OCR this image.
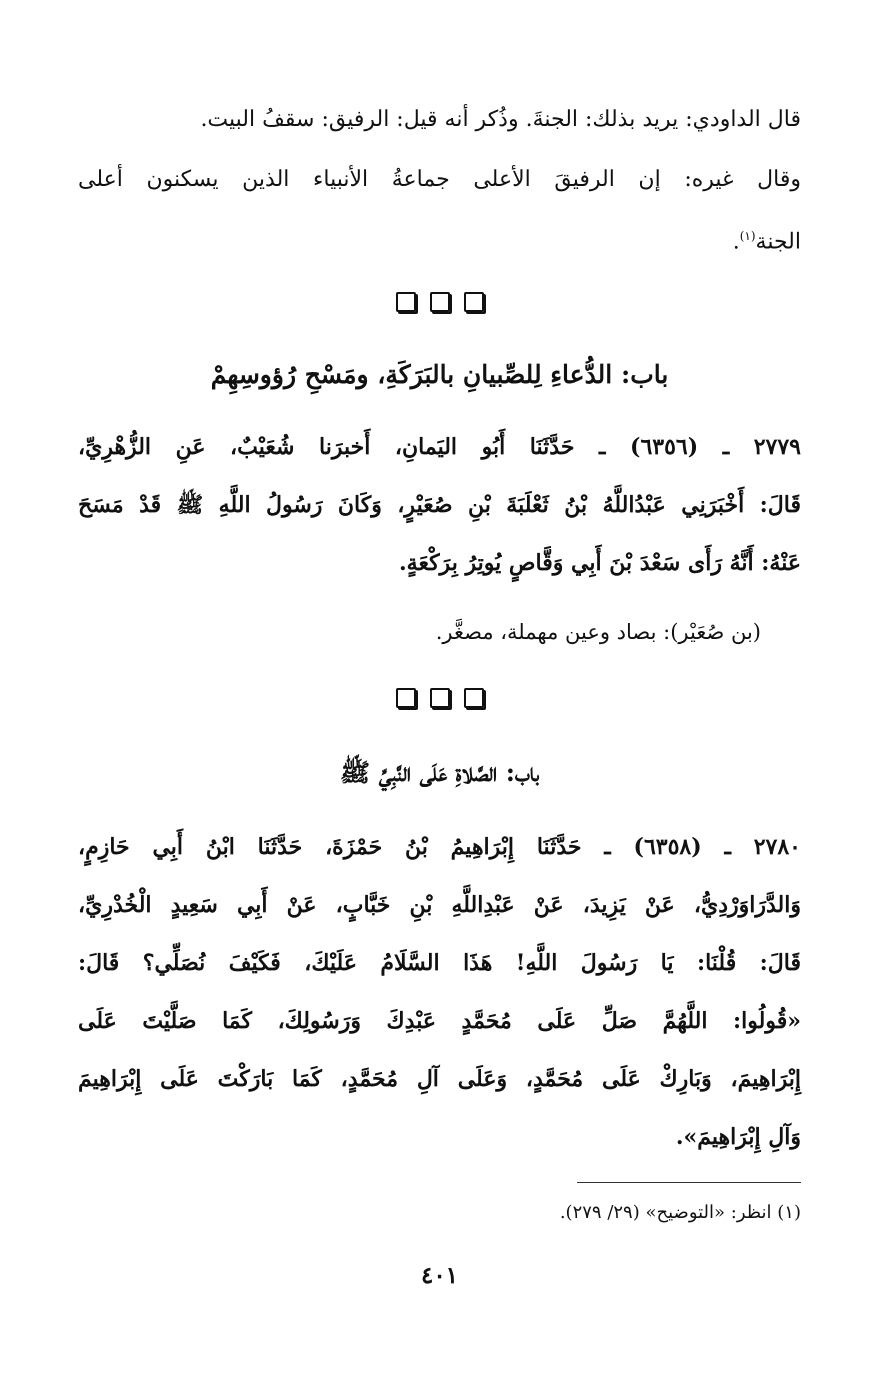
قال الداودي: يريد بذلك: الجنةَ. وذُكر أنه قيل: الرفيق: سقفُ البيت.
وقال غيره: إن الرفيقَ الأعلى جماعةُ الأنبياء الذين يسكنون أعلى
الجنة$^{(١)}$.
باب: الدُّعاءِ لِلصِّبيانِ بالبَرَكَةِ، ومَسْحِ رُؤوسِهِمْ
٢٧٧٩ ـ (٦٣٥٦) ـ حَدَّثَنَا أَبُو اليَمانِ، أَخبرَنا شُعَيْبٌ، عَنِ الزُّهْرِيِّ،
قَالَ: أَخْبَرَنِي عَبْدُاللَّهُ بْنُ ثَعْلَبَةَ بْنِ صُعَيْرٍ، وَكَانَ رَسُولُ اللَّهِ ﷺ قَدْ مَسَحَ
عَنْهُ: أَنَّهُ رَأَى سَعْدَ بْنَ أَبِي وَقَّاصٍ يُوتِرُ بِرَكْعَةٍ.
(بن صُعَيْر): بصاد وعين مهملة، مصغَّر.
باب: الصَّلاةِ عَلَى النَّبِيِّ ﷺ
٢٧٨٠ ـ (٦٣٥٨) ـ حَدَّثَنَا إِبْرَاهِيمُ بْنُ حَمْزَةَ، حَدَّثَنَا ابْنُ أَبِي حَازِمٍ،
وَالدَّرَاوَرْدِيُّ، عَنْ يَزِيدَ، عَنْ عَبْدِاللَّهِ بْنِ خَبَّابٍ، عَنْ أَبِي سَعِيدٍ الْخُدْرِيِّ،
قَالَ: قُلْنَا: يَا رَسُولَ اللَّهِ! هَذَا السَّلَامُ عَلَيْكَ، فَكَيْفَ نُصَلِّي؟ قَالَ:
«قُولُوا: اللَّهُمَّ صَلِّ عَلَى مُحَمَّدٍ عَبْدِكَ وَرَسُولِكَ، كَمَا صَلَّيْتَ عَلَى
إِبْرَاهِيمَ، وَبَارِكْ عَلَى مُحَمَّدٍ، وَعَلَى آلِ مُحَمَّدٍ، كَمَا بَارَكْتَ عَلَى إِبْرَاهِيمَ
وَآلِ إِبْرَاهِيمَ».
(١) انظر: «التوضيح» (٢٩/ ٢٧٩).
٤٠١
